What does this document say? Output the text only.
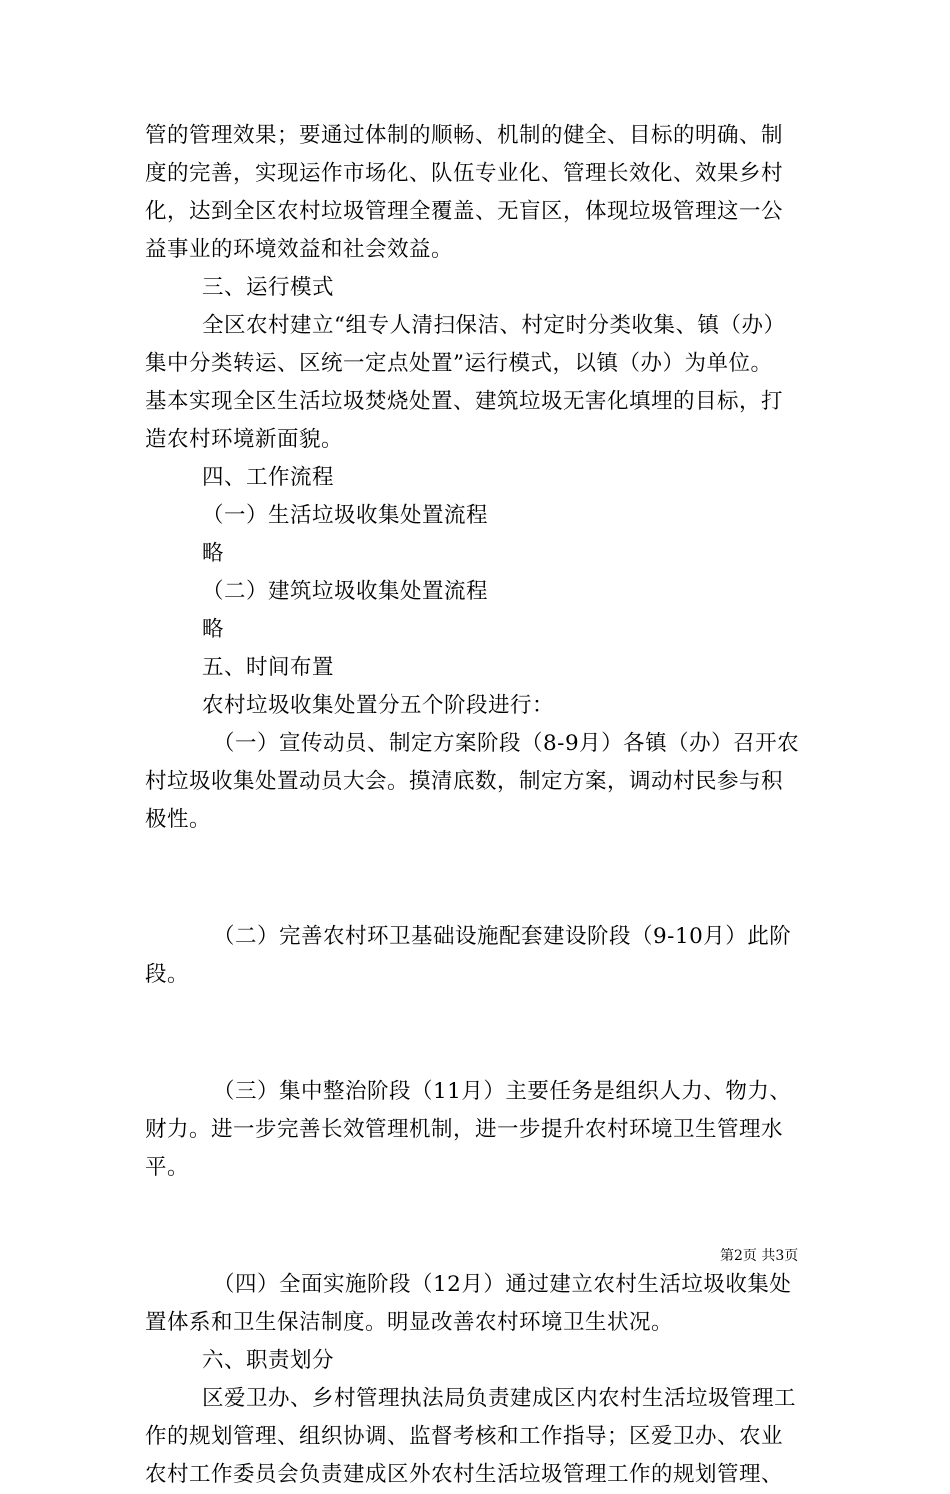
管的管理效果；要通过体制的顺畅、机制的健全、目标的明确、制

度的完善，实现运作市场化、队伍专业化、管理长效化、效果乡村

化，达到全区农村垃圾管理全覆盖、无盲区，体现垃圾管理这一公

益事业的环境效益和社会效益。

三、运行模式

全区农村建立“组专人清扫保洁、村定时分类收集、镇（办）

集中分类转运、区统一定点处置”运行模式，以镇（办）为单位。

基本实现全区生活垃圾焚烧处置、建筑垃圾无害化填埋的目标，打

造农村环境新面貌。

四、工作流程

（一）生活垃圾收集处置流程

略

（二）建筑垃圾收集处置流程

略

五、时间布置

农村垃圾收集处置分五个阶段进行：

（一）宣传动员、制定方案阶段（8-9月）各镇（办）召开农

村垃圾收集处置动员大会。摸清底数，制定方案，调动村民参与积

极性。

（二）完善农村环卫基础设施配套建设阶段（9-10月）此阶

段。

（三）集中整治阶段（11月）主要任务是组织人力、物力、

财力。进一步完善长效管理机制，进一步提升农村环境卫生管理水

平。

（四）全面实施阶段（12月）通过建立农村生活垃圾收集处

置体系和卫生保洁制度。明显改善农村环境卫生状况。

六、职责划分

区爱卫办、乡村管理执法局负责建成区内农村生活垃圾管理工

作的规划管理、组织协调、监督考核和工作指导；区爱卫办、农业

农村工作委员会负责建成区外农村生活垃圾管理工作的规划管理、

第2页 共3页
